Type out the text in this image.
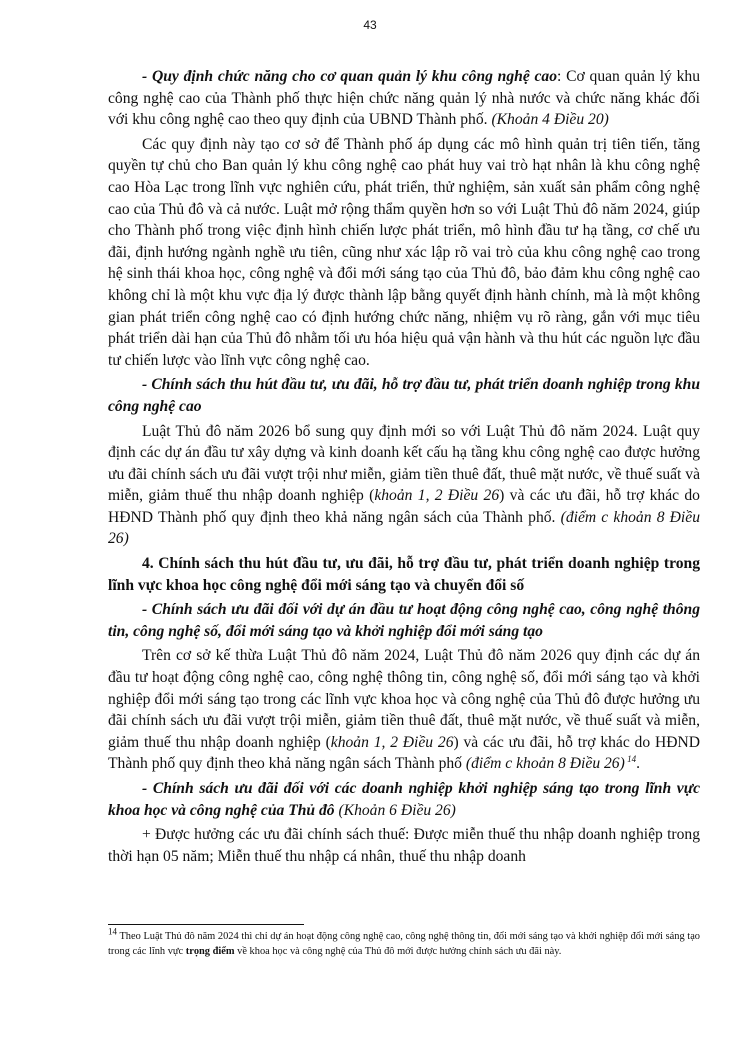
43

- Quy định chức năng cho cơ quan quản lý khu công nghệ cao: Cơ quan quản lý khu công nghệ cao của Thành phố thực hiện chức năng quản lý nhà nước và chức năng khác đối với khu công nghệ cao theo quy định của UBND Thành phố. (Khoản 4 Điều 20)

Các quy định này tạo cơ sở để Thành phố áp dụng các mô hình quản trị tiên tiến, tăng quyền tự chủ cho Ban quản lý khu công nghệ cao phát huy vai trò hạt nhân là khu công nghệ cao Hòa Lạc trong lĩnh vực nghiên cứu, phát triển, thử nghiệm, sản xuất sản phẩm công nghệ cao của Thủ đô và cả nước. Luật mở rộng thẩm quyền hơn so với Luật Thủ đô năm 2024, giúp cho Thành phố trong việc định hình chiến lược phát triển, mô hình đầu tư hạ tầng, cơ chế ưu đãi, định hướng ngành nghề ưu tiên, cũng như xác lập rõ vai trò của khu công nghệ cao trong hệ sinh thái khoa học, công nghệ và đổi mới sáng tạo của Thủ đô, bảo đảm khu công nghệ cao không chỉ là một khu vực địa lý được thành lập bằng quyết định hành chính, mà là một không gian phát triển công nghệ cao có định hướng chức năng, nhiệm vụ rõ ràng, gắn với mục tiêu phát triển dài hạn của Thủ đô nhằm tối ưu hóa hiệu quả vận hành và thu hút các nguồn lực đầu tư chiến lược vào lĩnh vực công nghệ cao.

- Chính sách thu hút đầu tư, ưu đãi, hỗ trợ đầu tư, phát triển doanh nghiệp trong khu công nghệ cao

Luật Thủ đô năm 2026 bổ sung quy định mới so với Luật Thủ đô năm 2024. Luật quy định các dự án đầu tư xây dựng và kinh doanh kết cấu hạ tầng khu công nghệ cao được hưởng ưu đãi chính sách ưu đãi vượt trội như miễn, giảm tiền thuê đất, thuê mặt nước, về thuế suất và miễn, giảm thuế thu nhập doanh nghiệp (khoản 1, 2 Điều 26) và các ưu đãi, hỗ trợ khác do HĐND Thành phố quy định theo khả năng ngân sách của Thành phố. (điểm c khoản 8 Điều 26)

4. Chính sách thu hút đầu tư, ưu đãi, hỗ trợ đầu tư, phát triển doanh nghiệp trong lĩnh vực khoa học công nghệ đổi mới sáng tạo và chuyển đổi số

- Chính sách ưu đãi đối với dự án đầu tư hoạt động công nghệ cao, công nghệ thông tin, công nghệ số, đổi mới sáng tạo và khởi nghiệp đổi mới sáng tạo

Trên cơ sở kế thừa Luật Thủ đô năm 2024, Luật Thủ đô năm 2026 quy định các dự án đầu tư hoạt động công nghệ cao, công nghệ thông tin, công nghệ số, đổi mới sáng tạo và khởi nghiệp đổi mới sáng tạo trong các lĩnh vực khoa học và công nghệ của Thủ đô được hưởng ưu đãi chính sách ưu đãi vượt trội miễn, giảm tiền thuê đất, thuê mặt nước, về thuế suất và miễn, giảm thuế thu nhập doanh nghiệp (khoản 1, 2 Điều 26) và các ưu đãi, hỗ trợ khác do HĐND Thành phố quy định theo khả năng ngân sách Thành phố (điểm c khoản 8 Điều 26) $^{14}$.

- Chính sách ưu đãi đối với các doanh nghiệp khởi nghiệp sáng tạo trong lĩnh vực khoa học và công nghệ của Thủ đô (Khoản 6 Điều 26)

+ Được hưởng các ưu đãi chính sách thuế: Được miễn thuế thu nhập doanh nghiệp trong thời hạn 05 năm; Miễn thuế thu nhập cá nhân, thuế thu nhập doanh

$^{14}$ Theo Luật Thủ đô năm 2024 thì chỉ dự án hoạt động công nghệ cao, công nghệ thông tin, đổi mới sáng tạo và khởi nghiệp đổi mới sáng tạo trong các lĩnh vực trọng điểm về khoa học và công nghệ của Thủ đô mới được hưởng chính sách ưu đãi này.
